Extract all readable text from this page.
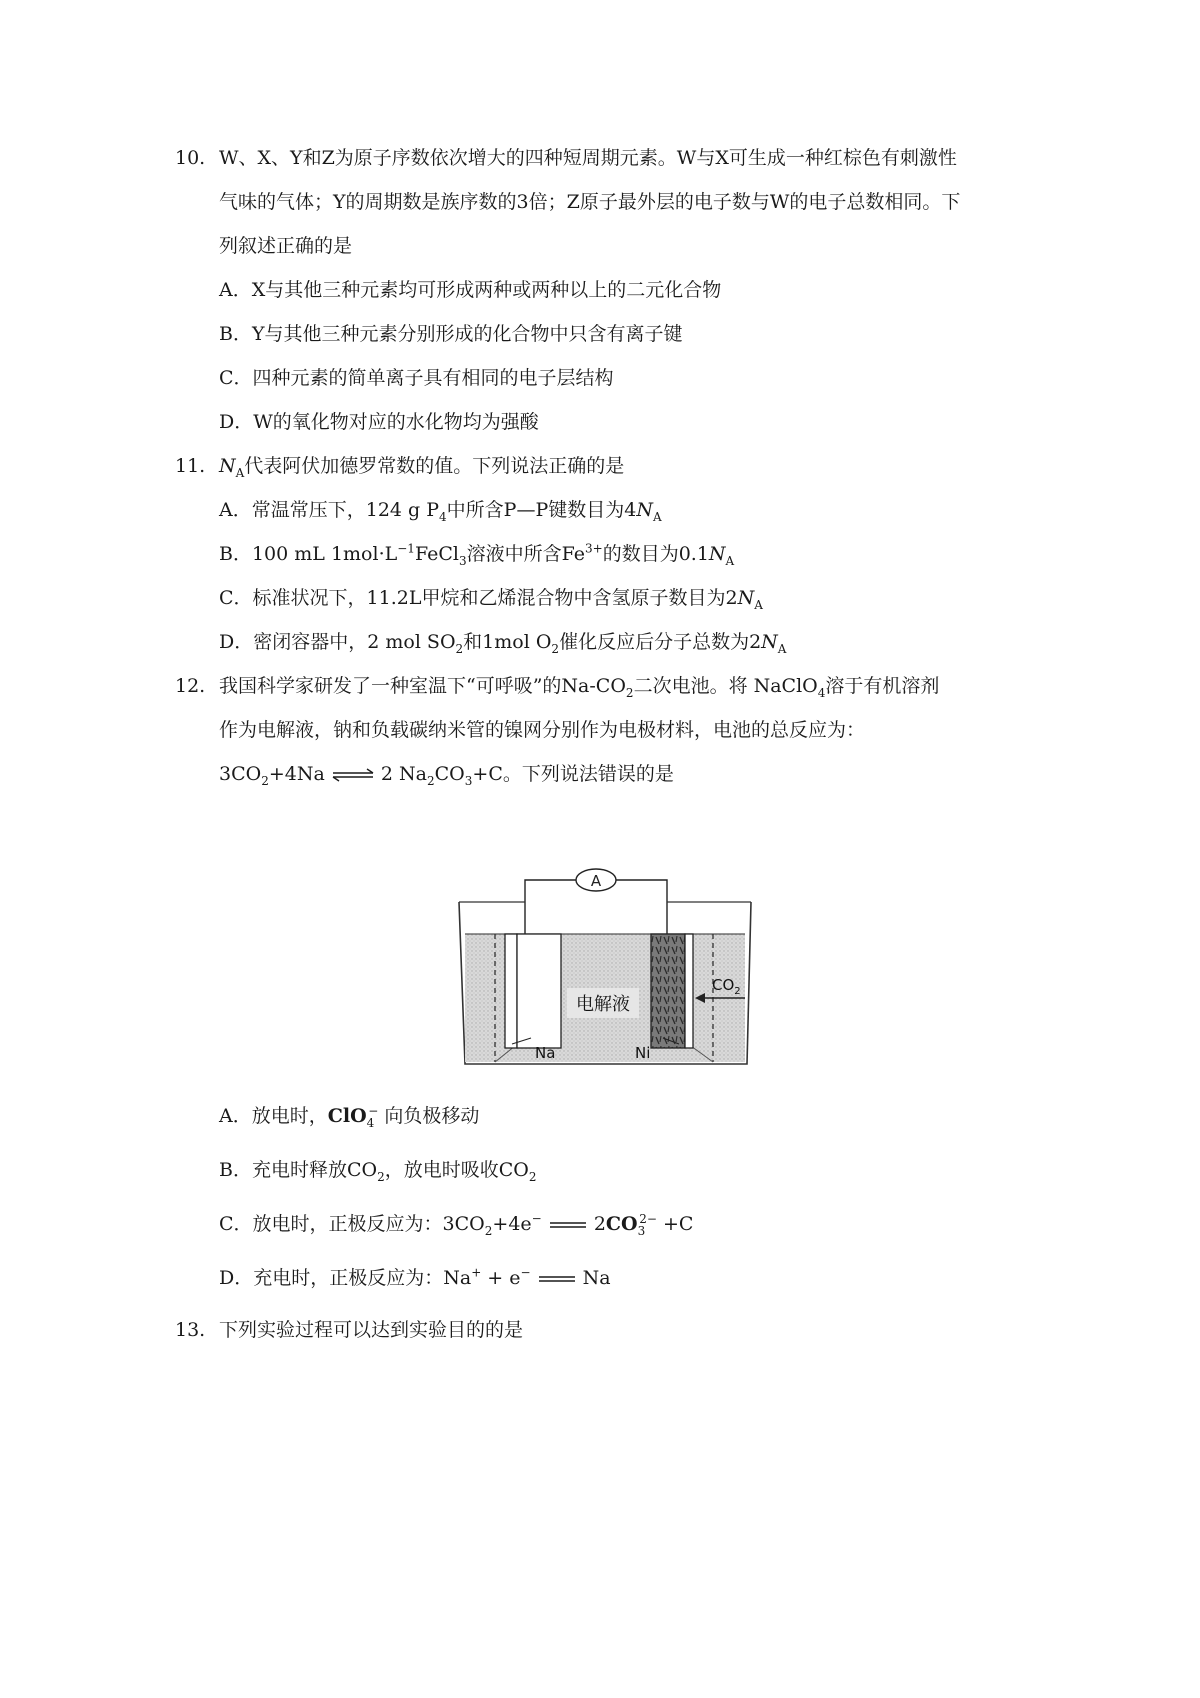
10. W、X、Y和Z为原子序数依次增大的四种短周期元素。W与X可生成一种红棕色有刺激性
气味的气体；Y的周期数是族序数的3倍；Z原子最外层的电子数与W的电子总数相同。下
列叙述正确的是
A．X与其他三种元素均可形成两种或两种以上的二元化合物
B．Y与其他三种元素分别形成的化合物中只含有离子键
C．四种元素的简单离子具有相同的电子层结构
D．W的氧化物对应的水化物均为强酸
11. $N_A$代表阿伏加德罗常数的值。下列说法正确的是
A．常温常压下，124 g $P_4$中所含P—P键数目为$4N_A$
B．100 mL $1mol\cdot L^{-1}FeCl_3$溶液中所含$Fe^{3+}$的数目为$0.1N_A$
C．标准状况下，11.2L甲烷和乙烯混合物中含氢原子数目为$2N_A$
D．密闭容器中，2 mol $SO_2$和1mol $O_2$催化反应后分子总数为$2N_A$
12. 我国科学家研发了一种室温下“可呼吸”的$Na-CO_2$二次电池。将 NaClO$_4$溶于有机溶剂
作为电解液，钠和负载碳纳米管的镍网分别作为电极材料，电池的总反应为：
$3CO_2+4Na$ ⇌ 2 $Na_2CO_3+C$。下列说法错误的是
A
电解液
$CO_2$
Na	Ni
A．放电时，ClO$_4$− 向负极移动
B．充电时释放$CO_2$，放电时吸收$CO_2$
C．放电时，正极反应为：$3CO_2+4e^-$	$2CO_3^{2-} +C$
D．充电时，正极反应为：Na+ + e−	Na
13. 下列实验过程可以达到实验目的的是
